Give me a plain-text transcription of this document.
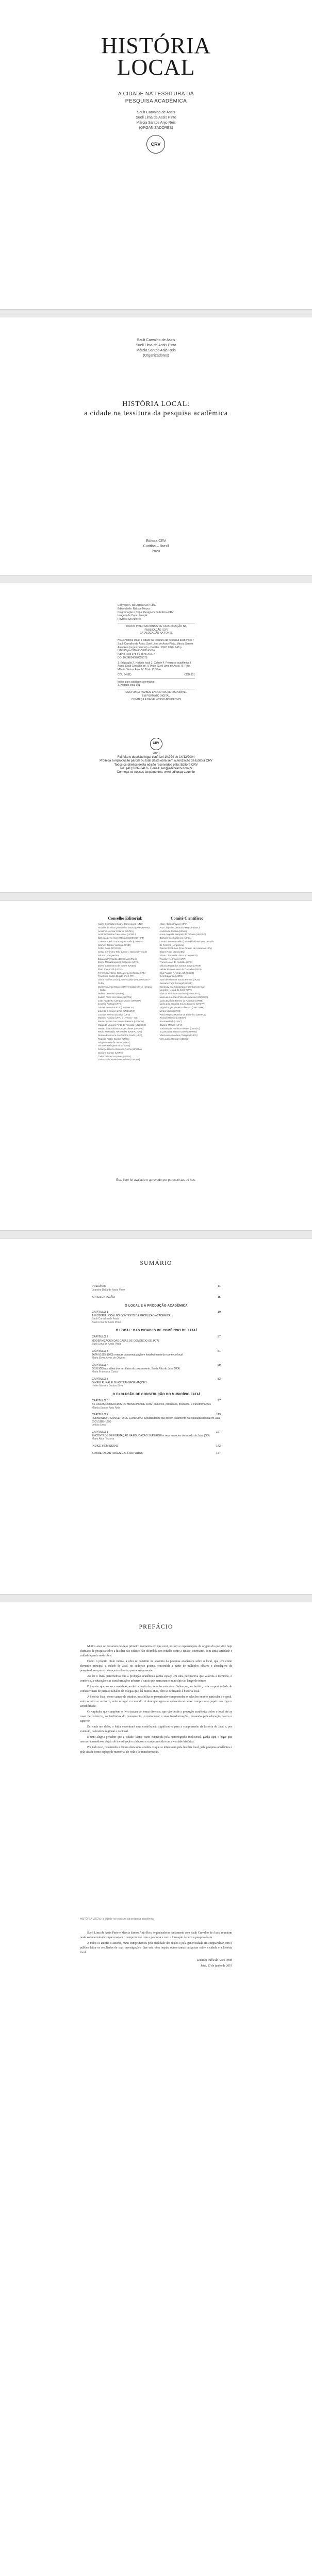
HISTÓRIA
LOCAL
A CIDADE NA TESSITURA DA
PESQUISA ACADÊMICA
Sault Carvalho de Assis
Sueli Lima de Assis Pinto
Márcia Santos Anjo Reis
(ORGANIZADORES)
CRV
Sault Carvalho de Assis
Sueli Lima de Assis Pinto
Márcia Santos Anjo Reis
(Organizadores)
HISTÓRIA LOCAL:
a cidade na tessitura da pesquisa acadêmica
Editora CRV
Curitiba – Brasil
2020
Copyright © da Editora CRV Ltda.
Editor-chefe: Railson Moura
Diagramação e Capa: Designers da Editora CRV
Imagem de Capa: Freepik
Revisão: Os Autores
DADOS INTERNACIONAIS DE CATALOGAÇÃO NA PUBLICAÇÃO (CIP)
CATALOGAÇÃO NA FONTE
H673 História local: a cidade na tessitura da pesquisa acadêmica / Sault Carvalho de Assis, Sueli Lima de Assis Pinto, Márcia Santos Anjo Reis (organizadores) – Curitiba : CRV, 2020. 148 p.
ISBN Digital 978-65-5578-XXX-X
ISBN Físico 978-65-5578-XXX-X
DOI 10.24824/978655578
1. Educação 2. História local 3. Cidade 4. Pesquisa acadêmica I. Assis, Sault Carvalho de. II. Pinto, Sueli Lima de Assis. III. Reis, Márcia Santos Anjo. IV. Título V. Série.
CDU 94(81)	CDD 981
Índice para catálogo sistemático
1. História local 981
ESTA OBRA TAMBÉM ENCONTRA-SE DISPONÍVEL
EM FORMATO DIGITAL.
CONHEÇA E BAIXE NOSSO APLICATIVO!
CRV
2020
Foi feito o depósito legal conf. Lei 10.994 de 14/12/2004
Proibida a reprodução parcial ou total desta obra sem autorização da Editora CRV
Todos os direitos desta edição reservados pela: Editora CRV
Tel.: (41) 3039-6418 - E-mail: sac@editoracrv.com.br
Conheça os nossos lançamentos: www.editoracrv.com.br
Conselho Editorial:
Aldira Guimarães Duarte Domínguez (UNB)
Andréia da Silva Quintanilha Sousa (UNIR/UFRN)
Anselmo Alencar Colares (UFOPA)
Antônio Pereira Gaio Júnior (UFRRJ)
Carlos Alberto Vilar Estêvão (UMINHO – PT)
Carlos Federico Dominguez Avila (Unieuro)
Carmen Tereza Velanga (UNIR)
Celso Conti (UFSCar)
Cesar Gerónimo Tello (Univer. Nacional Três de Febrero – Argentina)
Eduardo Fernandes Barbosa (UFMG)
Elione Maria Nogueira Diogenes (UFAL)
Elizeu Clementino de Souza (UNEB)
Élsio José Corá (UFFS)
Fernando Antônio Gonçalves Alcoforado (IPB)
Francisco Carlos Duarte (PUC-PR)
Gloria Fariñas León (Universidade de La Havana – Cuba)
Guillermo Arias Beatón (Universidade de La Havana – Cuba)
Helmut Jeremiah (UFPR)
Jailson Alves dos Santos (UFRJ)
João Adalberto Campato Junior (UNESP)
Josania Portela (UFPI)
Leonel Severo Rocha (UNISINOS)
Lídia de Oliveira Xavier (UNIEURO)
Lourdes Helena da Silva (UFV)
Marcelo Paixão (UFRJ e UTexas – US)
Maria Cristina dos Santos Bezerra (UFSCar)
Maria de Lourdes Pinto de Almeida (UNOESC)
Maria Lília Imbiriba Sousa Colares (UFOPA)
Paulo Romualdo Hernandes (UNIFAL-MG)
Renato Francisco dos Santos Paula (UFG)
Rodrigo Pratte-Santos (UFES)
Sérgio Nunes de Jesus (IFRO)
Simone Rodrigues Pinto (UNB)
Solange Helena Ximenes-Rocha (UFOPA)
Sydione Santos (UEPG)
Tadeu Oliver Gonçalves (UFPA)
Tania Suely Azevedo Brasileiro (UFOPA)
Comitê Científico:
Altair Alberto Fávero (UPF)
Ana Chrystina Venancio Mignot (UERJ)
Andréia N. Militão (UEMS)
Anna Augusta Sampaio de Oliveira (UNESP)
Barbara Coelho Neves (UFBA)
Cesar Gerónimo Tello (Universidad Nacional de Três de Febrero – Argentina)
Diosnel Centurion (Univ Americ. de Asunción – Py)
Eliane Rose Maio (UEM)
Elizeu Clementino de Souza (UNEB)
Fauston Negreiros (UFPI)
Francisco Ari de Andrade (UFC)
Gláucia Maria dos Santos Jorge (UFOP)
Helder Buenos Aires de Carvalho (UFPI)
Ilma Passos A. Veiga (UNICEUB)
Inês Bragança (UERJ)
José de Ribamar Sousa Pereira (UCB)
Jussara Fraga Portugal (UNEB)
Kilwangy Kya Kapitango-a-Samba (Unemat)
Lourdes Helena da Silva (UFV)
Marcos Vinicius Francisco (UNOESTE)
Maria de Lourdes Pinto de Almeida (UNOESC)
Maria Eurácia Barreto de Andrade (UFRB)
Maria Lília Imbiriba Sousa Colares (UFOPA)
Míguel Ángel Moreira Sánchez (UNICAMP)
Mirtes Mossi (UFRJ)
Paulo Regina Moreira de Bibi Filho (UNISUL)
Ricardo Ribeiro (UNESP)
Rosane Bach (UFSC)
Silvana Malusá (UFU)
Sonia Maria Ferreira Koehler (UNISAL)
Suzana dos Santos Gomes (UFMG)
Vânia Alves Martins Chaigar (FURG)
Vera Lucia Gaspar (UDESC)
Este livro foi avaliado e aprovado por pareceristas ad hoc.
SUMÁRIO
PREFÁCIO	11
Leandro Dalla de Assis Pinto
APRESENTAÇÃO	15
O LOCAL E A PRODUÇÃO ACADÊMICA
CAPÍTULO 1	19
A HISTÓRIA LOCAL NO CONTEXTO DA PRODUÇÃO ACADÊMICA
Sault Carvalho de Assis
Sueli Lima de Assis Pinto
O LOCAL: DAS CIDADES DE COMÉRCIO DE JATAÍ
CAPÍTULO 2	37
MODERNIZAÇÃO DAS CASAS DE COMÉRCIO DE JATAÍ
Sueli Lima de Assis Pinto
CAPÍTULO 3	51
JATAÍ (1895-1960): marcas da normatização e fortalecimento do comércio local
Maria Elvira Alves de Oliveira
CAPÍTULO 4	69
OS USOS nos sítios dos territórios do povoamento: Santa Rita do Jataí 1836
Maria Francisca Costa
CAPÍTULO 5	83
O MEIO RURAL E SUAS TRANSFORMAÇÕES
Heiler Moreira Santos Silva
O EXCLUSÃO DE CONSTRUÇÃO DO MUNICÍPIO JATAÍ
CAPÍTULO 6	97
AS CASAS COMERCIAIS DO MUNICÍPIO DE JATAÍ: comércio, profissões, produção, e transformações
Márcia Santos Anjo Reis
CAPÍTULO 7	113
FORMANDO O CONCEITO DE CONSUMO: Sociabilidades que tecem tratamento na educação básica em Jataí (GO) 1985–1990
Letícia Lima
CAPÍTULO 8	127
ENCONTROS DE FORMAÇÃO NA EDUCAÇÃO SUPERIOR e seus impactos do mundo do Jataí (GO)
Maria Alice Teixeira
ÍNDICE REMISSIVO	143
SOBRE OS AUTORES E OS AUTORAS	147
PREFÁCIO

Muitos anos se passaram desde o primeiro momento em que ouvi, no foro e especulações da origem do que vive hoje chamado de pesquisa sobre a história das cidades, tão difundida nos estudos sobre a cidade, entretanto, com tanta seriedade e cuidado quanto nesta obra.

Como o próprio título indica, a obra se constitui na tessitura da pesquisa acadêmica sobre o local, que tem como elemento principal a cidade de Jataí, no sudoeste goiano, construída a partir de múltiplos olhares e abordagens de pesquisadores que se debruçam sobre seu passado e presente.

Ao ler o livro, percebemos que a produção acadêmica ganha espaço em uma perspectiva que valoriza a memória, o comércio, a educação e as transformações urbanas e rurais que marcaram o município ao longo do tempo.

Foi assim que, ao ser convidado, aceitei a tarefa de prefaciar esta obra. Sabia que, ao fazê-lo, teria a oportunidade de conhecer mais de perto o trabalho de colegas que, há muitos anos, vêm se dedicando à história local.

A história local, como campo de estudos, possibilita ao pesquisador compreender as relações entre o particular e o geral, entre o micro e o macro, entre o lugar e o mundo. A obra que agora se apresenta ao leitor cumpre esse papel com rigor e sensibilidade.

Os capítulos que compõem o livro tratam de temas diversos, que vão desde a produção acadêmica sobre o local até as casas de comércio, os territórios do povoamento, o meio rural e suas transformações, passando pela educação básica e superior.

Em cada um deles, o leitor encontrará uma contribuição significativa para a compreensão da história de Jataí e, por extensão, da história regional e nacional.

É uma alegria perceber que a cidade, tantas vezes esquecida pela historiografia tradicional, ganha aqui o lugar que merece, tornando-se objeto de investigação cuidadosa e comprometida com a verdade histórica.

Por tudo isso, recomendo a leitura desta obra a todos os que se interessam pela história local, pela pesquisa acadêmica e pela cidade como espaço de memória, de vida e de transformação.

HISTÓRIA LOCAL: a cidade na tessitura da pesquisa acadêmica

Sueli Lima de Assis Pinto e Márcia Santos Anjo Reis, organizadoras juntamente com Sault Carvalho de Assis, reuniram neste volume trabalhos que revelam o compromisso com a pesquisa e com a formação de novos pesquisadores.

A todos os autores e autoras, meus cumprimentos pela qualidade dos textos e pela generosidade em compartilhar com o público leitor os resultados de suas investigações. Que esta obra inspire outras tantas pesquisas sobre a cidade e a história local.

Leandro Dalla de Assis Pinto
Jataí, 17 de junho de 2019
